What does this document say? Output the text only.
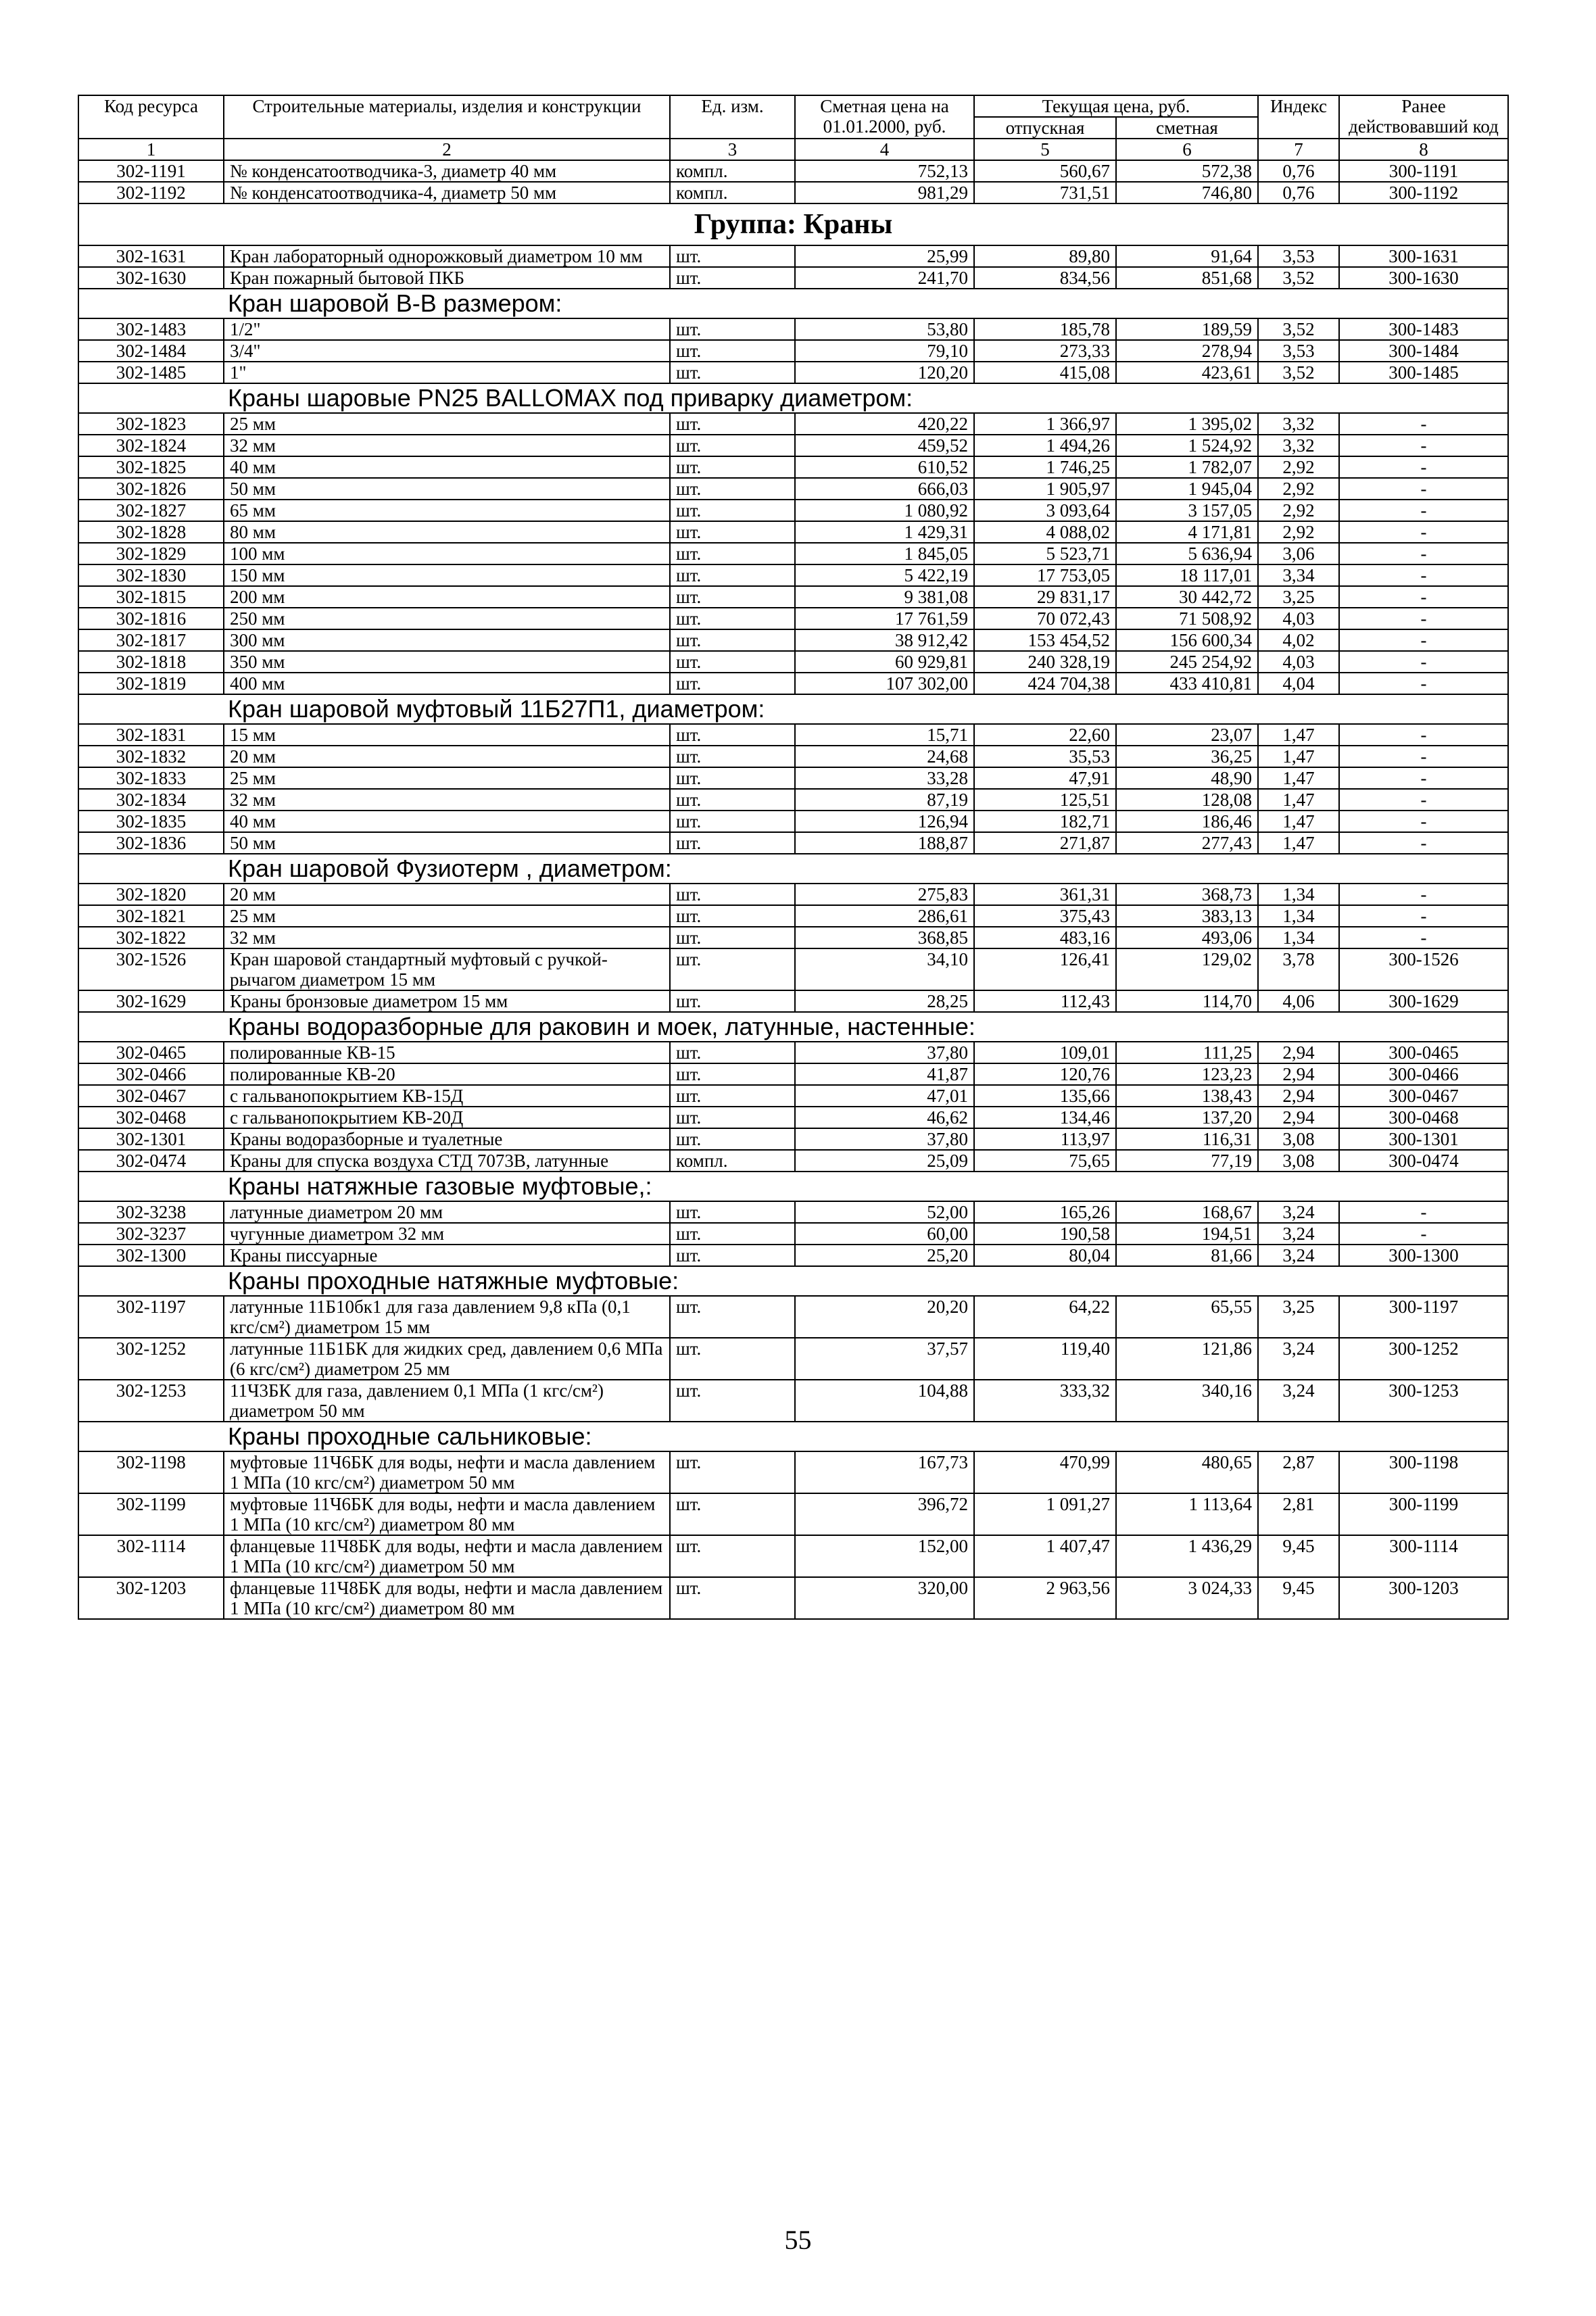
Код ресурса	Строительные материалы, изделия и конструкции	Ед. изм.	Сметная цена на 01.01.2000, руб.	Текущая цена, руб.		Индекс	Ранее действовавший код
				отпускная	сметная		
1	2	3	4	5	6	7	8
302-1191	№ конденсатоотводчика-3, диаметр 40 мм	компл.	752,13	560,67	572,38	0,76	300-1191
302-1192	№ конденсатоотводчика-4, диаметр 50 мм	компл.	981,29	731,51	746,80	0,76	300-1192
Группа: Краны							
302-1631	Кран лабораторный однорожковый диаметром 10 мм	шт.	25,99	89,80	91,64	3,53	300-1631
302-1630	Кран пожарный бытовой ПКБ	шт.	241,70	834,56	851,68	3,52	300-1630
Кран шаровой В-В размером:							
302-1483	1/2"	шт.	53,80	185,78	189,59	3,52	300-1483
302-1484	3/4"	шт.	79,10	273,33	278,94	3,53	300-1484
302-1485	1"	шт.	120,20	415,08	423,61	3,52	300-1485
Краны шаровые PN25 BALLOMAX под приварку диаметром:							
302-1823	25 мм	шт.	420,22	1 366,97	1 395,02	3,32	-
302-1824	32 мм	шт.	459,52	1 494,26	1 524,92	3,32	-
302-1825	40 мм	шт.	610,52	1 746,25	1 782,07	2,92	-
302-1826	50 мм	шт.	666,03	1 905,97	1 945,04	2,92	-
302-1827	65 мм	шт.	1 080,92	3 093,64	3 157,05	2,92	-
302-1828	80 мм	шт.	1 429,31	4 088,02	4 171,81	2,92	-
302-1829	100 мм	шт.	1 845,05	5 523,71	5 636,94	3,06	-
302-1830	150 мм	шт.	5 422,19	17 753,05	18 117,01	3,34	-
302-1815	200 мм	шт.	9 381,08	29 831,17	30 442,72	3,25	-
302-1816	250 мм	шт.	17 761,59	70 072,43	71 508,92	4,03	-
302-1817	300 мм	шт.	38 912,42	153 454,52	156 600,34	4,02	-
302-1818	350 мм	шт.	60 929,81	240 328,19	245 254,92	4,03	-
302-1819	400 мм	шт.	107 302,00	424 704,38	433 410,81	4,04	-
Кран шаровой муфтовый 11Б27П1, диаметром:							
302-1831	15 мм	шт.	15,71	22,60	23,07	1,47	-
302-1832	20 мм	шт.	24,68	35,53	36,25	1,47	-
302-1833	25 мм	шт.	33,28	47,91	48,90	1,47	-
302-1834	32 мм	шт.	87,19	125,51	128,08	1,47	-
302-1835	40 мм	шт.	126,94	182,71	186,46	1,47	-
302-1836	50 мм	шт.	188,87	271,87	277,43	1,47	-
Кран шаровой Фузиотерм , диаметром:							
302-1820	20 мм	шт.	275,83	361,31	368,73	1,34	-
302-1821	25 мм	шт.	286,61	375,43	383,13	1,34	-
302-1822	32 мм	шт.	368,85	483,16	493,06	1,34	-
302-1526	Кран шаровой стандартный муфтовый с ручкой-рычагом диаметром 15 мм	шт.	34,10	126,41	129,02	3,78	300-1526
302-1629	Краны бронзовые диаметром 15 мм	шт.	28,25	112,43	114,70	4,06	300-1629
Краны водоразборные для раковин и моек, латунные, настенные:							
302-0465	полированные КВ-15	шт.	37,80	109,01	111,25	2,94	300-0465
302-0466	полированные КВ-20	шт.	41,87	120,76	123,23	2,94	300-0466
302-0467	с гальванопокрытием КВ-15Д	шт.	47,01	135,66	138,43	2,94	300-0467
302-0468	с гальванопокрытием КВ-20Д	шт.	46,62	134,46	137,20	2,94	300-0468
302-1301	Краны водоразборные и туалетные	шт.	37,80	113,97	116,31	3,08	300-1301
302-0474	Краны для спуска воздуха СТД 7073В, латунные	компл.	25,09	75,65	77,19	3,08	300-0474
Краны натяжные газовые муфтовые,:							
302-3238	латунные диаметром 20 мм	шт.	52,00	165,26	168,67	3,24	-
302-3237	чугунные диаметром 32 мм	шт.	60,00	190,58	194,51	3,24	-
302-1300	Краны писсуарные	шт.	25,20	80,04	81,66	3,24	300-1300
Краны проходные натяжные муфтовые:							
302-1197	латунные 11Б10бк1 для газа давлением 9,8 кПа (0,1 кгс/см²) диаметром 15 мм	шт.	20,20	64,22	65,55	3,25	300-1197
302-1252	латунные 11Б1БК для жидких сред, давлением 0,6 МПа (6 кгс/см²) диаметром 25 мм	шт.	37,57	119,40	121,86	3,24	300-1252
302-1253	11Ч3БК для газа, давлением 0,1 МПа (1 кгс/см²) диаметром 50 мм	шт.	104,88	333,32	340,16	3,24	300-1253
Краны проходные сальниковые:							
302-1198	муфтовые 11Ч6БК для воды, нефти и масла давлением 1 МПа (10 кгс/см²) диаметром 50 мм	шт.	167,73	470,99	480,65	2,87	300-1198
302-1199	муфтовые 11Ч6БК для воды, нефти и масла давлением 1 МПа (10 кгс/см²) диаметром 80 мм	шт.	396,72	1 091,27	1 113,64	2,81	300-1199
302-1114	фланцевые 11Ч8БК для воды, нефти и масла давлением 1 МПа (10 кгс/см²) диаметром 50 мм	шт.	152,00	1 407,47	1 436,29	9,45	300-1114
302-1203	фланцевые 11Ч8БК для воды, нефти и масла давлением 1 МПа (10 кгс/см²) диаметром 80 мм	шт.	320,00	2 963,56	3 024,33	9,45	300-1203
55
